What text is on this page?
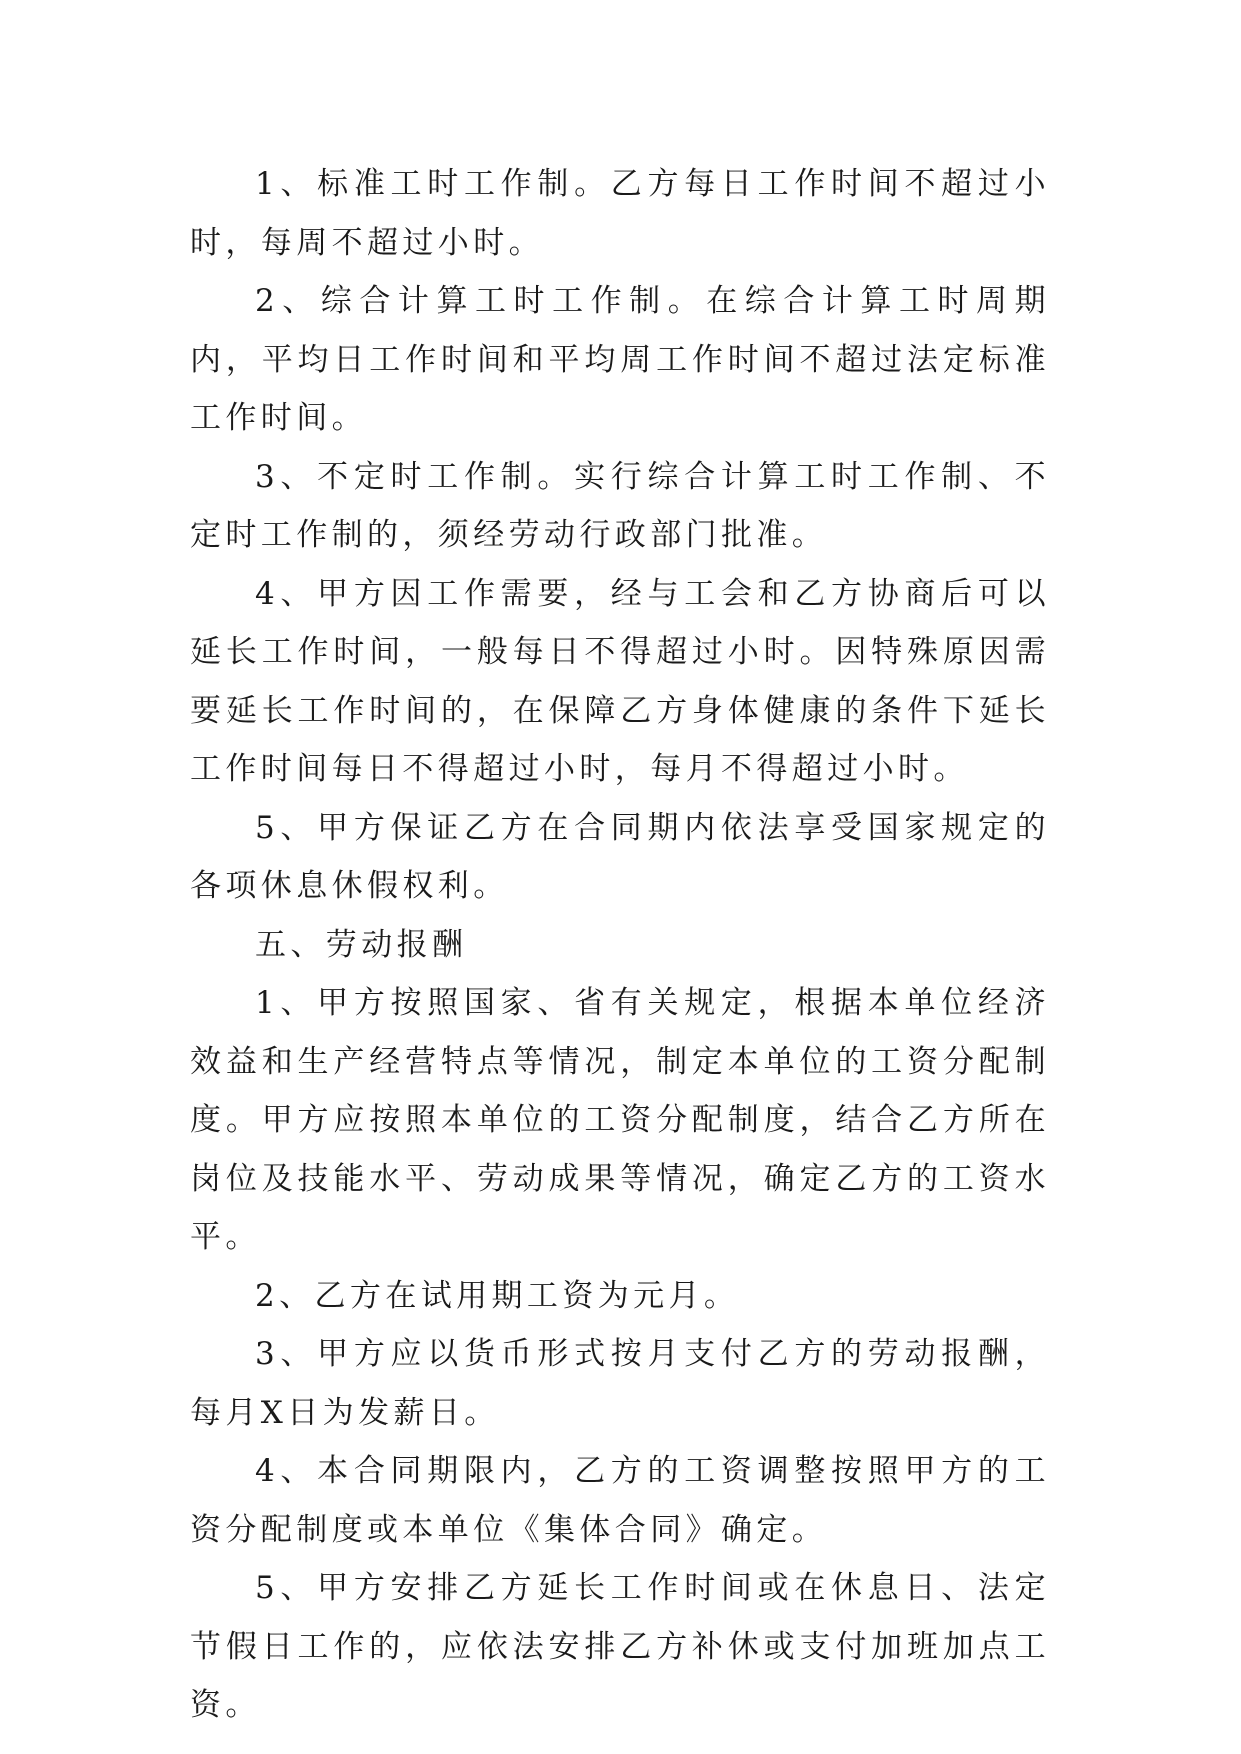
1、标准工时工作制。乙方每日工作时间不超过小时，每周不超过小时。

2、综合计算工时工作制。在综合计算工时周期内，平均日工作时间和平均周工作时间不超过法定标准工作时间。

3、不定时工作制。实行综合计算工时工作制、不定时工作制的，须经劳动行政部门批准。

4、甲方因工作需要，经与工会和乙方协商后可以延长工作时间，一般每日不得超过小时。因特殊原因需要延长工作时间的，在保障乙方身体健康的条件下延长工作时间每日不得超过小时，每月不得超过小时。

5、甲方保证乙方在合同期内依法享受国家规定的各项休息休假权利。

五、劳动报酬

1、甲方按照国家、省有关规定，根据本单位经济效益和生产经营特点等情况，制定本单位的工资分配制度。甲方应按照本单位的工资分配制度，结合乙方所在岗位及技能水平、劳动成果等情况，确定乙方的工资水平。

2、乙方在试用期工资为元月。

3、甲方应以货币形式按月支付乙方的劳动报酬，每月X日为发薪日。

4、本合同期限内，乙方的工资调整按照甲方的工资分配制度或本单位《集体合同》确定。

5、甲方安排乙方延长工作时间或在休息日、法定节假日工作的，应依法安排乙方补休或支付加班加点工资。
